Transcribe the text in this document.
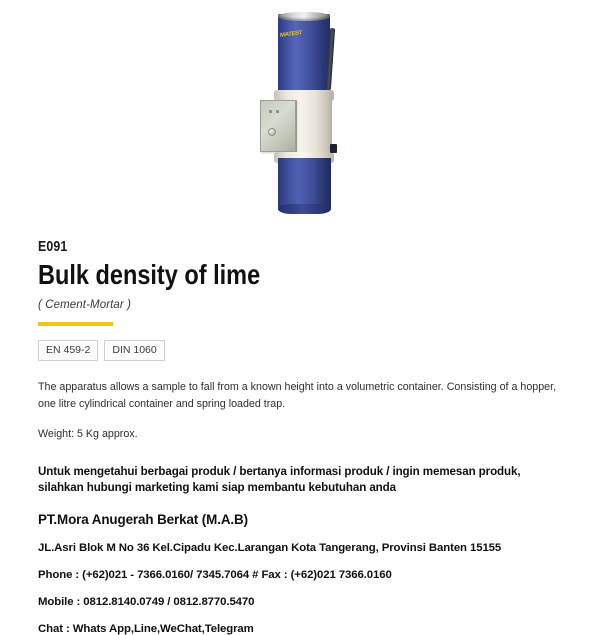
MATEST
E091
Bulk density of lime
( Cement-Mortar )
EN 459-2	DIN 1060

The apparatus allows a sample to fall from a known height into a volumetric container. Consisting of a hopper, one litre cylindrical container and spring loaded trap.

Weight: 5 Kg approx.

Untuk mengetahui berbagai produk / bertanya informasi produk / ingin memesan produk, silahkan hubungi marketing kami siap membantu kebutuhan anda

PT.Mora Anugerah Berkat (M.A.B)

JL.Asri Blok M No 36 Kel.Cipadu Kec.Larangan Kota Tangerang, Provinsi Banten 15155

Phone : (+62)021 - 7366.0160/ 7345.7064 # Fax : (+62)021 7366.0160

Mobile : 0812.8140.0749 / 0812.8770.5470

Chat : Whats App,Line,WeChat,Telegram
